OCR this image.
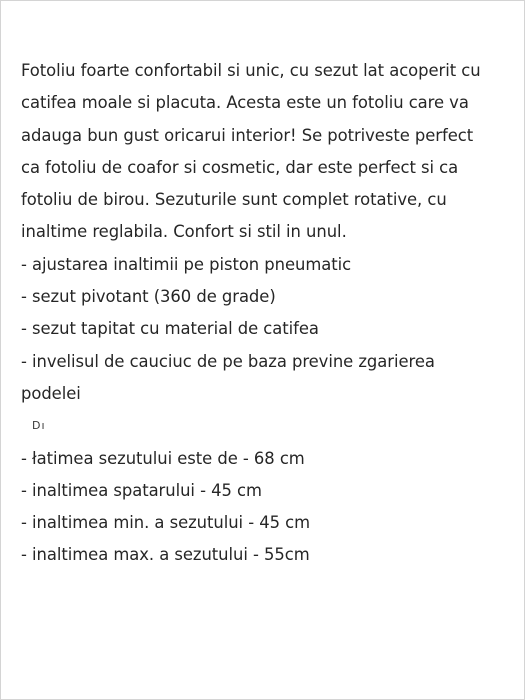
Fotoliu foarte confortabil si unic, cu sezut lat acoperit cu
catifea moale si placuta. Acesta este un fotoliu care va
adauga bun gust oricarui interior! Se potriveste perfect
ca fotoliu de coafor si cosmetic, dar este perfect si ca
fotoliu de birou. Sezuturile sunt complet rotative, cu
inaltime reglabila. Confort si stil in unul.
- ajustarea inaltimii pe piston pneumatic
- sezut pivotant (360 de grade)
- sezut tapitat cu material de catifea
- invelisul de cauciuc de pe baza previne zgarierea
podelei
Dı
- łatimea sezutului este de - 68 cm
- inaltimea spatarului - 45 cm
- inaltimea min. a sezutului - 45 cm
- inaltimea max. a sezutului - 55cm
